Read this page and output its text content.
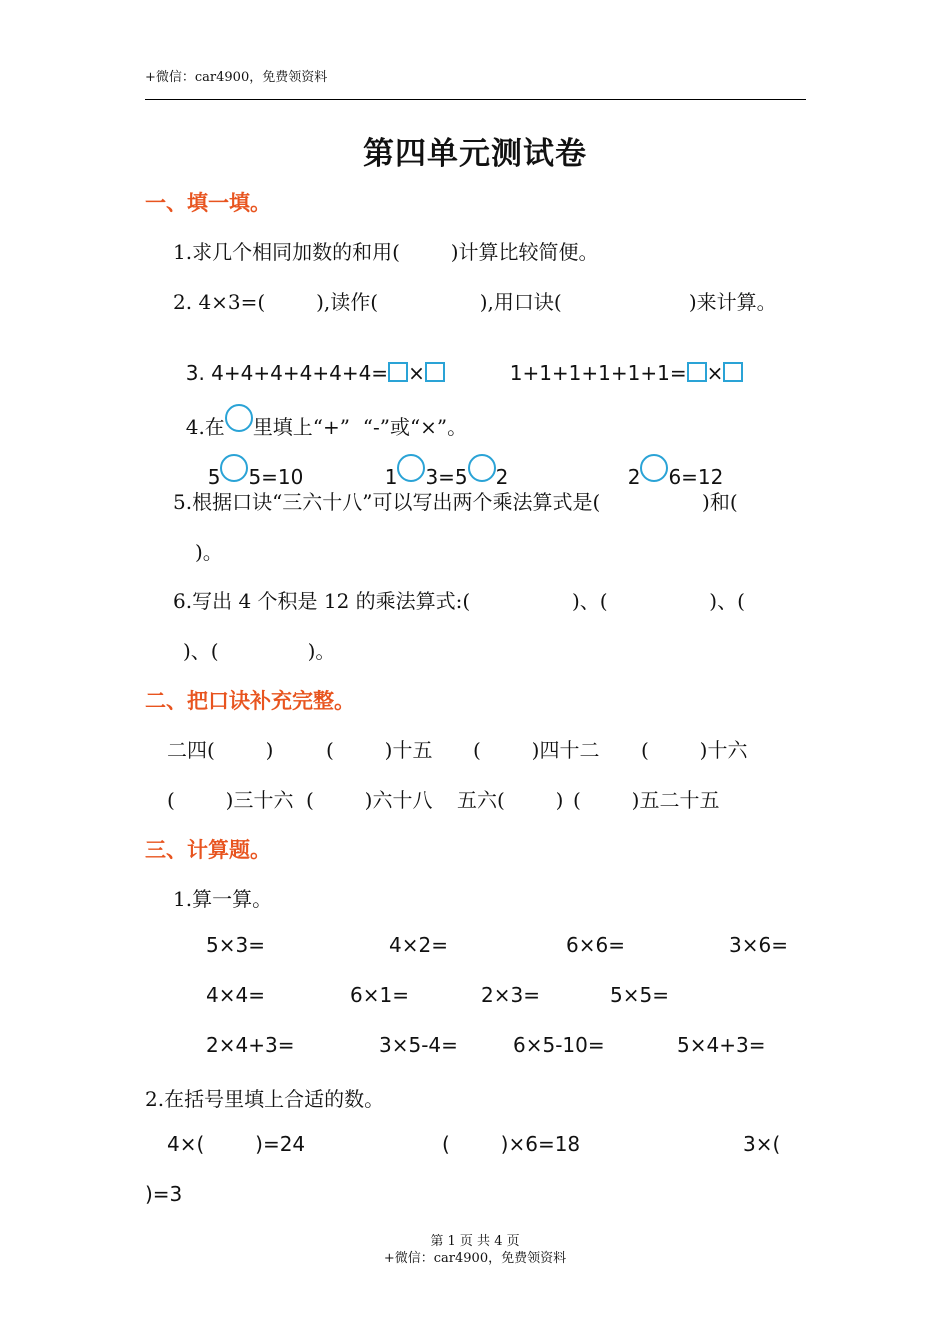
+微信：car4900，免费领资料
第四单元测试卷
一、填一填。
1.求几个相同加数的和用(        )计算比较简便。
2. 4×3=(        ),读作(                ),用口诀(                    )来计算。

3. 4+4+4+4+4+4= ×	1+1+1+1+1+1= ×

4.在 里填上“+”  “-”或“×”。

5 5=10	1 3=5 2	2 6=12

5.根据口诀“三六十八”可以写出两个乘法算式是(                )和(
)。
6.写出 4 个积是 12 的乘法算式:(                )、(                )、(
)、(              )。
二、把口诀补充完整。
二四(        )	(        )十五 (        )四十二 (        )十六
(        )三十六 (        )六十八 五六(        ) (        )五二十五
三、计算题。
1.算一算。
5×3=	4×2=	6×6=	3×6=
4×4=	6×1=	2×3=	5×5=
2×4+3=	3×5-4=	6×5-10=	5×4+3=
2.在括号里填上合适的数。
4×(        )=24	(        )×6=18	3×(
)=3
第 1 页 共 4 页
+微信：car4900，免费领资料
